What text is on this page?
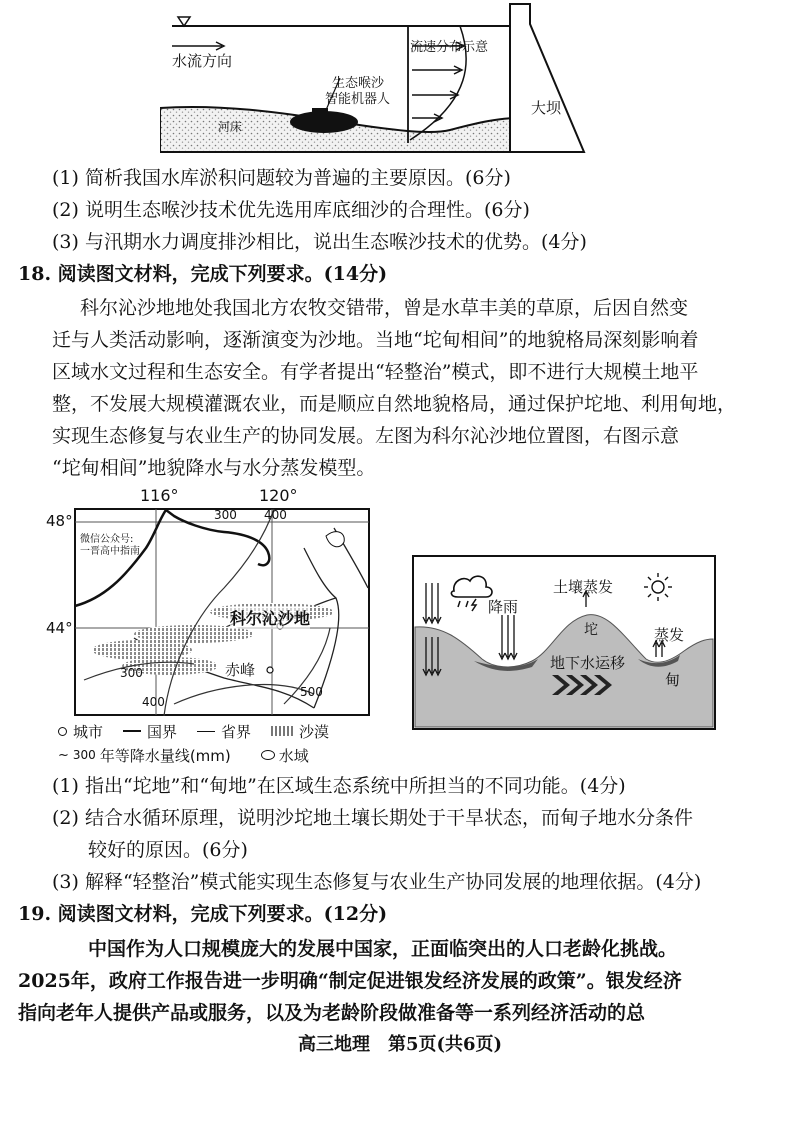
水流方向
流速分布示意
生态喉沙
智能机器人	大坝
河床
(1) 简析我国水库淤积问题较为普遍的主要原因。(6分)
(2) 说明生态喉沙技术优先选用库底细沙的合理性。(6分)
(3) 与汛期水力调度排沙相比，说出生态喉沙技术的优势。(4分)
18. 阅读图文材料，完成下列要求。(14分)
科尔沁沙地地处我国北方农牧交错带，曾是水草丰美的草原，后因自然变
迁与人类活动影响，逐渐演变为沙地。当地“坨甸相间”的地貌格局深刻影响着
区域水文过程和生态安全。有学者提出“轻整治”模式，即不进行大规模土地平
整，不发展大规模灌溉农业，而是顺应自然地貌格局，通过保护坨地、利用甸地，
实现生态修复与农业生产的协同发展。左图为科尔沁沙地位置图，右图示意
“坨甸相间”地貌降水与水分蒸发模型。
116°	120°
48°
44°
300 400
微信公众号:
一晋高中指南
科尔沁沙地
赤峰
300
400
500
城市	国界	省界	沙漠
~ 300 年等降水量线(mm)	水域
土壤蒸发
降雨
坨	蒸发
地下水运移
甸
(1) 指出“坨地”和“甸地”在区域生态系统中所担当的不同功能。(4分)
(2) 结合水循环原理，说明沙坨地土壤长期处于干旱状态，而甸子地水分条件
较好的原因。(6分)
(3) 解释“轻整治”模式能实现生态修复与农业生产协同发展的地理依据。(4分)
19. 阅读图文材料，完成下列要求。(12分)
中国作为人口规模庞大的发展中国家，正面临突出的人口老龄化挑战。
2025年，政府工作报告进一步明确“制定促进银发经济发展的政策”。银发经济
指向老年人提供产品或服务，以及为老龄阶段做准备等一系列经济活动的总
高三地理　第5页(共6页)
